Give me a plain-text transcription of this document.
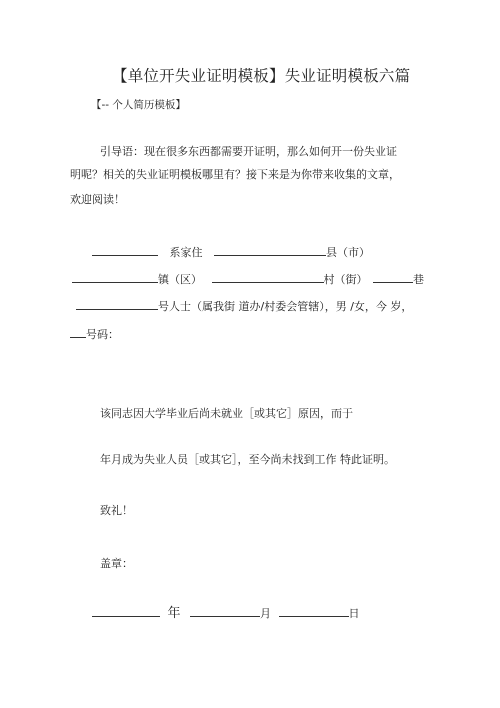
【单位开失业证明模板】失业证明模板六篇
【-- 个人简历模板】
引导语：现在很多东西都需要开证明，那么如何开一份失业证
明呢？相关的失业证明模板哪里有？接下来是为你带来收集的文章，
欢迎阅读！
系家住	县（市）
镇（区）	村（街）	巷
号人士（属我街 道办/村委会管辖），男 /女，今 岁，
号码：
该同志因大学毕业后尚未就业［或其它］原因，而于
年月成为失业人员［或其它］，至今尚未找到工作 特此证明。
致礼！
盖章：
年	月	日
